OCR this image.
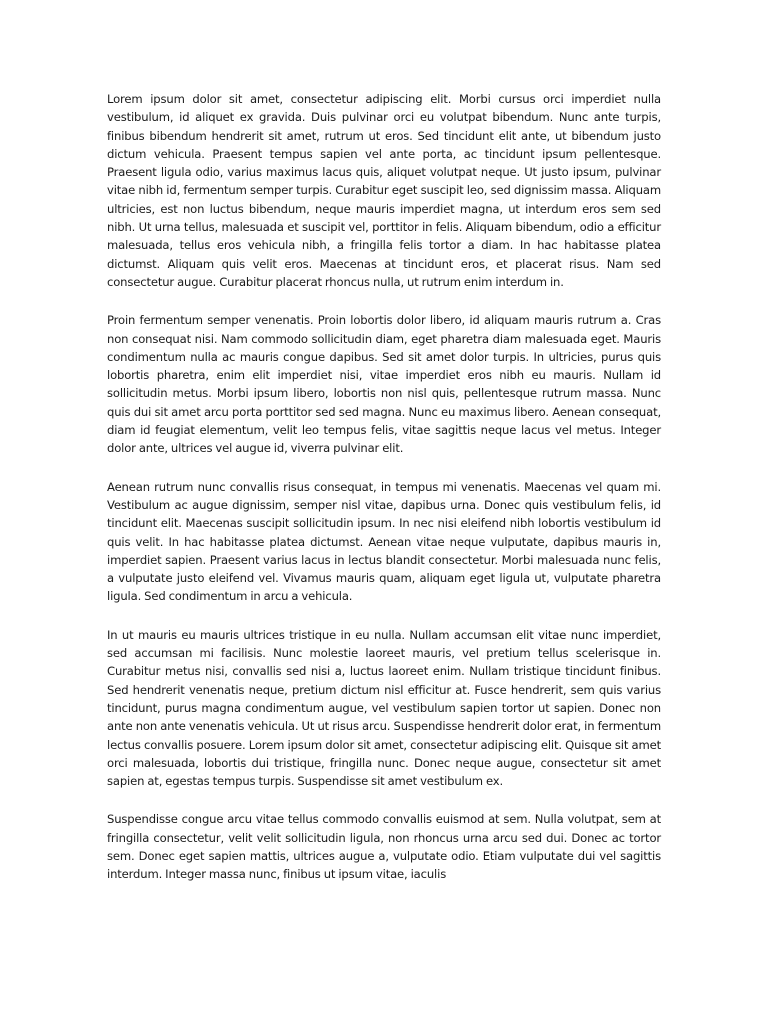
Lorem ipsum dolor sit amet, consectetur adipiscing elit. Morbi cursus orci imperdiet nulla vestibulum, id aliquet ex gravida. Duis pulvinar orci eu volutpat bibendum. Nunc ante turpis, finibus bibendum hendrerit sit amet, rutrum ut eros. Sed tincidunt elit ante, ut bibendum justo dictum vehicula. Praesent tempus sapien vel ante porta, ac tincidunt ipsum pellentesque. Praesent ligula odio, varius maximus lacus quis, aliquet volutpat neque. Ut justo ipsum, pulvinar vitae nibh id, fermentum semper turpis. Curabitur eget suscipit leo, sed dignissim massa. Aliquam ultricies, est non luctus bibendum, neque mauris imperdiet magna, ut interdum eros sem sed nibh. Ut urna tellus, malesuada et suscipit vel, porttitor in felis. Aliquam bibendum, odio a efficitur malesuada, tellus eros vehicula nibh, a fringilla felis tortor a diam. In hac habitasse platea dictumst. Aliquam quis velit eros. Maecenas at tincidunt eros, et placerat risus. Nam sed consectetur augue. Curabitur placerat rhoncus nulla, ut rutrum enim interdum in.

Proin fermentum semper venenatis. Proin lobortis dolor libero, id aliquam mauris rutrum a. Cras non consequat nisi. Nam commodo sollicitudin diam, eget pharetra diam malesuada eget. Mauris condimentum nulla ac mauris congue dapibus. Sed sit amet dolor turpis. In ultricies, purus quis lobortis pharetra, enim elit imperdiet nisi, vitae imperdiet eros nibh eu mauris. Nullam id sollicitudin metus. Morbi ipsum libero, lobortis non nisl quis, pellentesque rutrum massa. Nunc quis dui sit amet arcu porta porttitor sed sed magna. Nunc eu maximus libero. Aenean consequat, diam id feugiat elementum, velit leo tempus felis, vitae sagittis neque lacus vel metus. Integer dolor ante, ultrices vel augue id, viverra pulvinar elit.

Aenean rutrum nunc convallis risus consequat, in tempus mi venenatis. Maecenas vel quam mi. Vestibulum ac augue dignissim, semper nisl vitae, dapibus urna. Donec quis vestibulum felis, id tincidunt elit. Maecenas suscipit sollicitudin ipsum. In nec nisi eleifend nibh lobortis vestibulum id quis velit. In hac habitasse platea dictumst. Aenean vitae neque vulputate, dapibus mauris in, imperdiet sapien. Praesent varius lacus in lectus blandit consectetur. Morbi malesuada nunc felis, a vulputate justo eleifend vel. Vivamus mauris quam, aliquam eget ligula ut, vulputate pharetra ligula. Sed condimentum in arcu a vehicula.

In ut mauris eu mauris ultrices tristique in eu nulla. Nullam accumsan elit vitae nunc imperdiet, sed accumsan mi facilisis. Nunc molestie laoreet mauris, vel pretium tellus scelerisque in. Curabitur metus nisi, convallis sed nisi a, luctus laoreet enim. Nullam tristique tincidunt finibus. Sed hendrerit venenatis neque, pretium dictum nisl efficitur at. Fusce hendrerit, sem quis varius tincidunt, purus magna condimentum augue, vel vestibulum sapien tortor ut sapien. Donec non ante non ante venenatis vehicula. Ut ut risus arcu. Suspendisse hendrerit dolor erat, in fermentum lectus convallis posuere. Lorem ipsum dolor sit amet, consectetur adipiscing elit. Quisque sit amet orci malesuada, lobortis dui tristique, fringilla nunc. Donec neque augue, consectetur sit amet sapien at, egestas tempus turpis. Suspendisse sit amet vestibulum ex.

Suspendisse congue arcu vitae tellus commodo convallis euismod at sem. Nulla volutpat, sem at fringilla consectetur, velit velit sollicitudin ligula, non rhoncus urna arcu sed dui. Donec ac tortor sem. Donec eget sapien mattis, ultrices augue a, vulputate odio. Etiam vulputate dui vel sagittis interdum. Integer massa nunc, finibus ut ipsum vitae, iaculis
